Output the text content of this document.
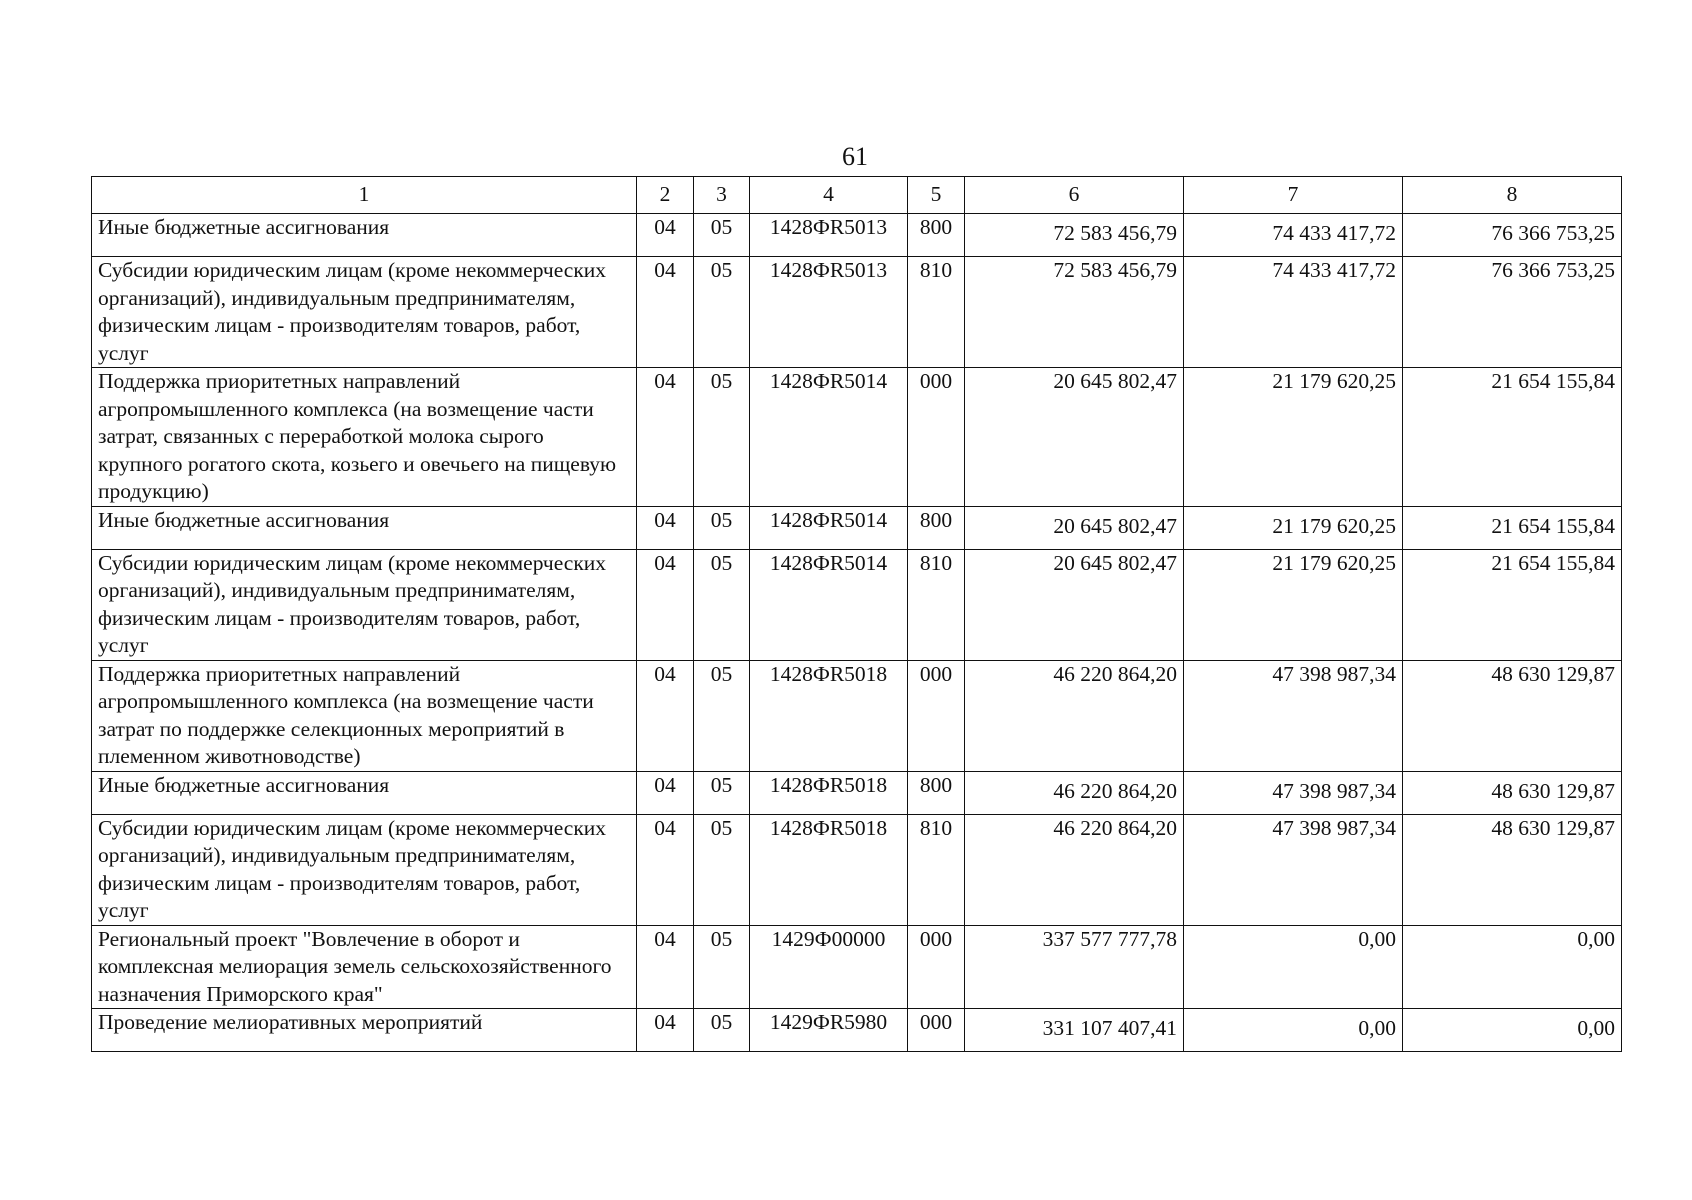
61
1	2	3	4	5	6	7	8
Иные бюджетные ассигнования	04	05	1428ФR5013	800	72 583 456,79	74 433 417,72	76 366 753,25
Субсидии юридическим лицам (кроме некоммерческих организаций), индивидуальным предпринимателям, физическим лицам - производителям товаров, работ, услуг	04	05	1428ФR5013	810	72 583 456,79	74 433 417,72	76 366 753,25
Поддержка приоритетных направлений агропромышленного комплекса (на возмещение части затрат, связанных с переработкой молока сырого крупного рогатого скота, козьего и овечьего на пищевую продукцию)	04	05	1428ФR5014	000	20 645 802,47	21 179 620,25	21 654 155,84
Иные бюджетные ассигнования	04	05	1428ФR5014	800	20 645 802,47	21 179 620,25	21 654 155,84
Субсидии юридическим лицам (кроме некоммерческих организаций), индивидуальным предпринимателям, физическим лицам - производителям товаров, работ, услуг	04	05	1428ФR5014	810	20 645 802,47	21 179 620,25	21 654 155,84
Поддержка приоритетных направлений агропромышленного комплекса (на возмещение части затрат по поддержке селекционных мероприятий в племенном животноводстве)	04	05	1428ФR5018	000	46 220 864,20	47 398 987,34	48 630 129,87
Иные бюджетные ассигнования	04	05	1428ФR5018	800	46 220 864,20	47 398 987,34	48 630 129,87
Субсидии юридическим лицам (кроме некоммерческих организаций), индивидуальным предпринимателям, физическим лицам - производителям товаров, работ, услуг	04	05	1428ФR5018	810	46 220 864,20	47 398 987,34	48 630 129,87
Региональный проект "Вовлечение в оборот и комплексная мелиорация земель сельскохозяйственного назначения Приморского края"	04	05	1429Ф00000	000	337 577 777,78	0,00	0,00
Проведение мелиоративных мероприятий	04	05	1429ФR5980	000	331 107 407,41	0,00	0,00
